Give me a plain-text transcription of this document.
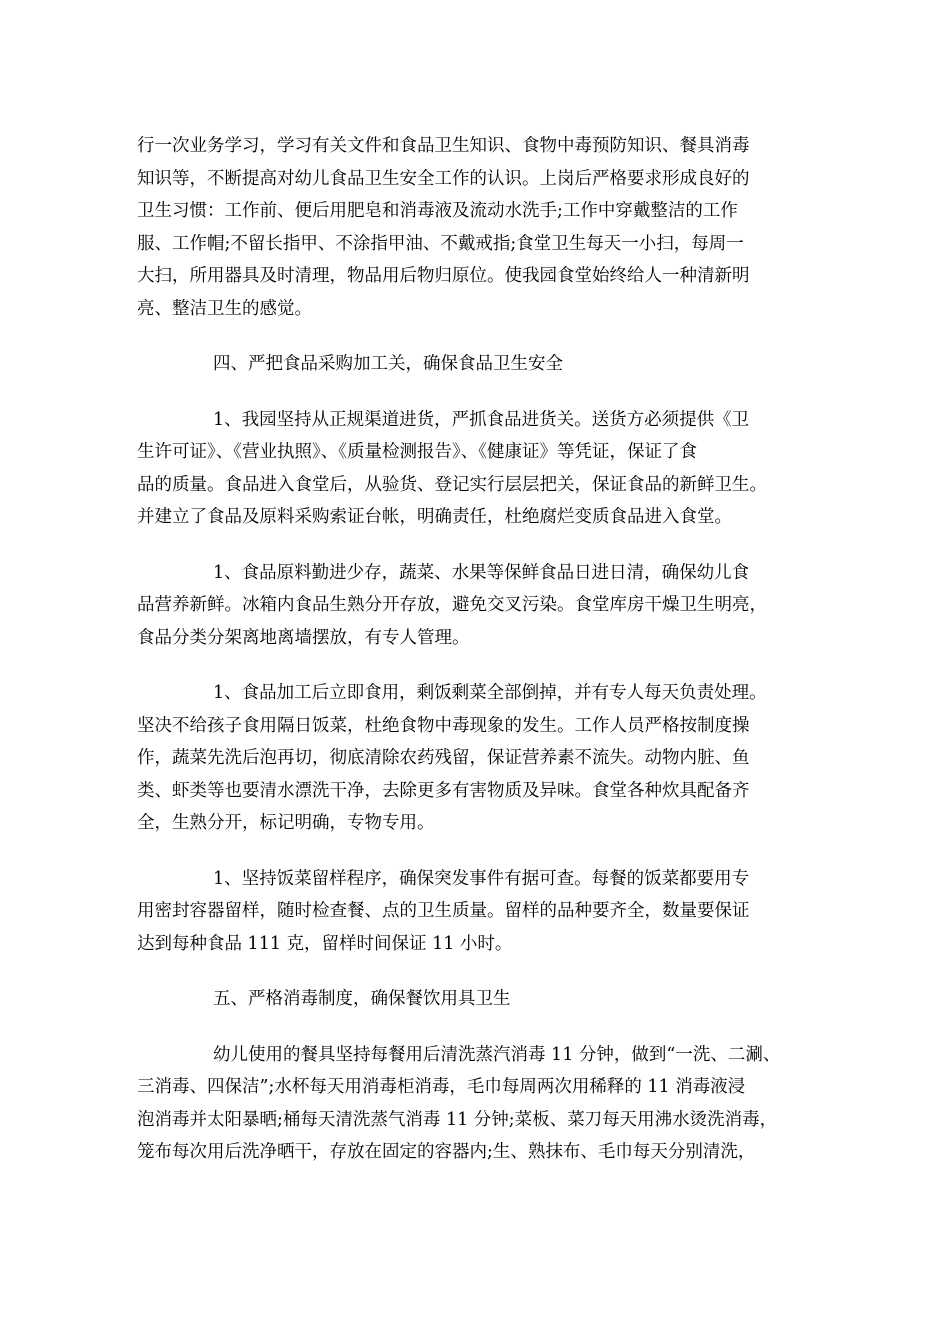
行一次业务学习，学习有关文件和食品卫生知识、食物中毒预防知识、餐具消毒
知识等，不断提高对幼儿食品卫生安全工作的认识。上岗后严格要求形成良好的
卫生习惯：工作前、便后用肥皂和消毒液及流动水洗手;工作中穿戴整洁的工作
服、工作帽;不留长指甲、不涂指甲油、不戴戒指;食堂卫生每天一小扫，每周一
大扫，所用器具及时清理，物品用后物归原位。使我园食堂始终给人一种清新明
亮、整洁卫生的感觉。
四、严把食品采购加工关，确保食品卫生安全
1、我园坚持从正规渠道进货，严抓食品进货关。送货方必须提供《卫
生许可证》、《营业执照》、《质量检测报告》、《健康证》等凭证，保证了食
品的质量。食品进入食堂后，从验货、登记实行层层把关，保证食品的新鲜卫生。
并建立了食品及原料采购索证台帐，明确责任，杜绝腐烂变质食品进入食堂。
1、食品原料勤进少存，蔬菜、水果等保鲜食品日进日清，确保幼儿食
品营养新鲜。冰箱内食品生熟分开存放，避免交叉污染。食堂库房干燥卫生明亮，
食品分类分架离地离墙摆放，有专人管理。
1、食品加工后立即食用，剩饭剩菜全部倒掉，并有专人每天负责处理。
坚决不给孩子食用隔日饭菜，杜绝食物中毒现象的发生。工作人员严格按制度操
作，蔬菜先洗后泡再切，彻底清除农药残留，保证营养素不流失。动物内脏、鱼
类、虾类等也要清水漂洗干净，去除更多有害物质及异味。食堂各种炊具配备齐
全，生熟分开，标记明确，专物专用。
1、坚持饭菜留样程序，确保突发事件有据可查。每餐的饭菜都要用专
用密封容器留样，随时检查餐、点的卫生质量。留样的品种要齐全，数量要保证
达到每种食品 111 克，留样时间保证 11 小时。
五、严格消毒制度，确保餐饮用具卫生
幼儿使用的餐具坚持每餐用后清洗蒸汽消毒 11 分钟，做到“一洗、二涮、
三消毒、四保洁”;水杯每天用消毒柜消毒，毛巾每周两次用稀释的 11 消毒液浸
泡消毒并太阳暴晒;桶每天清洗蒸气消毒 11 分钟;菜板、菜刀每天用沸水烫洗消毒，
笼布每次用后洗净晒干，存放在固定的容器内;生、熟抹布、毛巾每天分别清洗，
